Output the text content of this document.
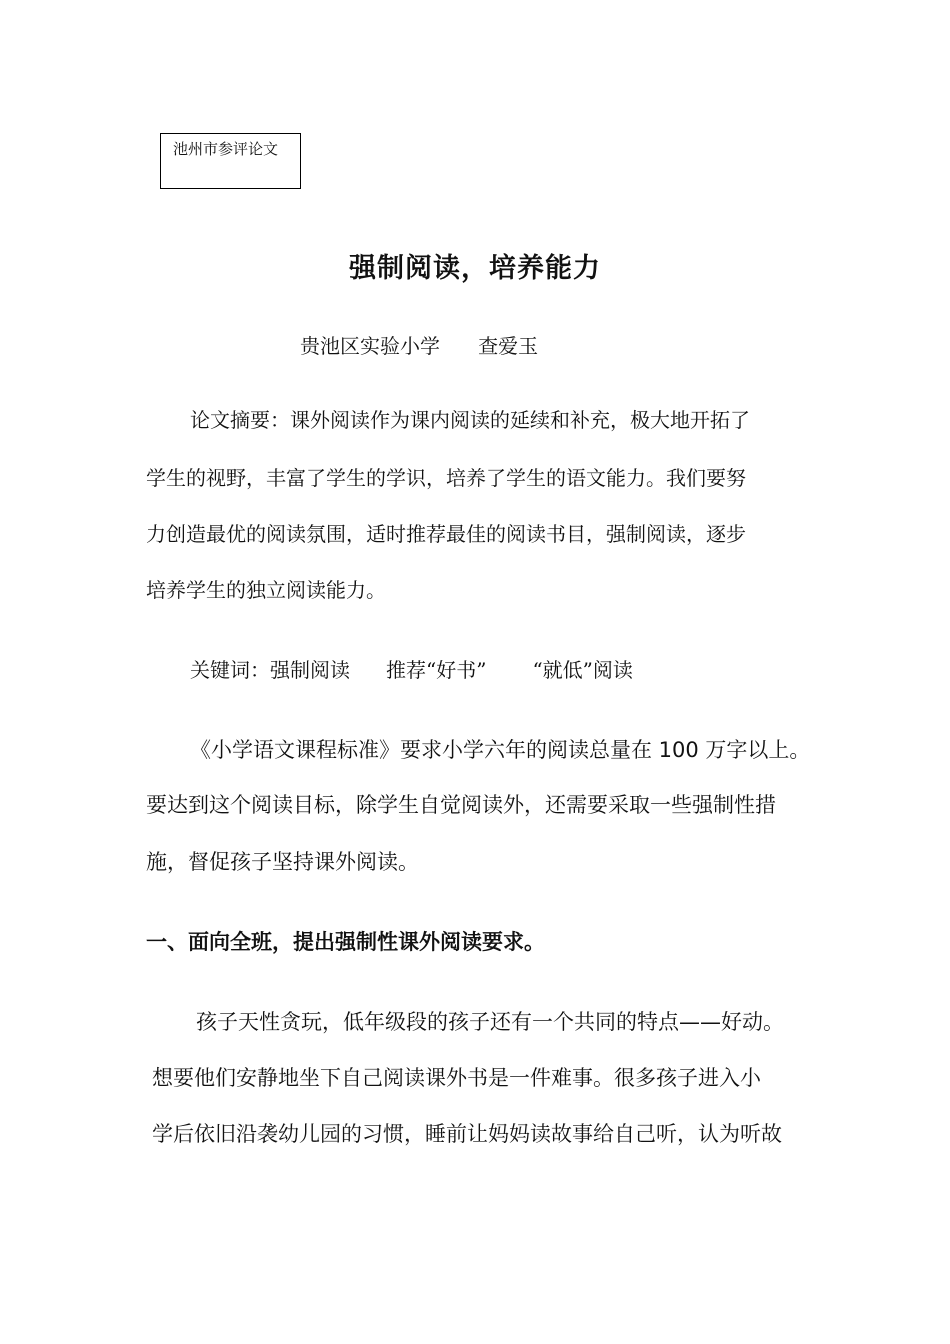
池州市参评论文
强制阅读，培养能力
贵池区实验小学 查爱玉
论文摘要：课外阅读作为课内阅读的延续和补充，极大地开拓了
学生的视野，丰富了学生的学识，培养了学生的语文能力。我们要努
力创造最优的阅读氛围，适时推荐最佳的阅读书目，强制阅读，逐步
培养学生的独立阅读能力。
关键词：强制阅读 推荐“好书” “就低”阅读
《小学语文课程标准》要求小学六年的阅读总量在 100 万字以上。
要达到这个阅读目标，除学生自觉阅读外，还需要采取一些强制性措
施，督促孩子坚持课外阅读。
一、面向全班，提出强制性课外阅读要求。
孩子天性贪玩，低年级段的孩子还有一个共同的特点——好动。
想要他们安静地坐下自己阅读课外书是一件难事。很多孩子进入小
学后依旧沿袭幼儿园的习惯，睡前让妈妈读故事给自己听，认为听故
